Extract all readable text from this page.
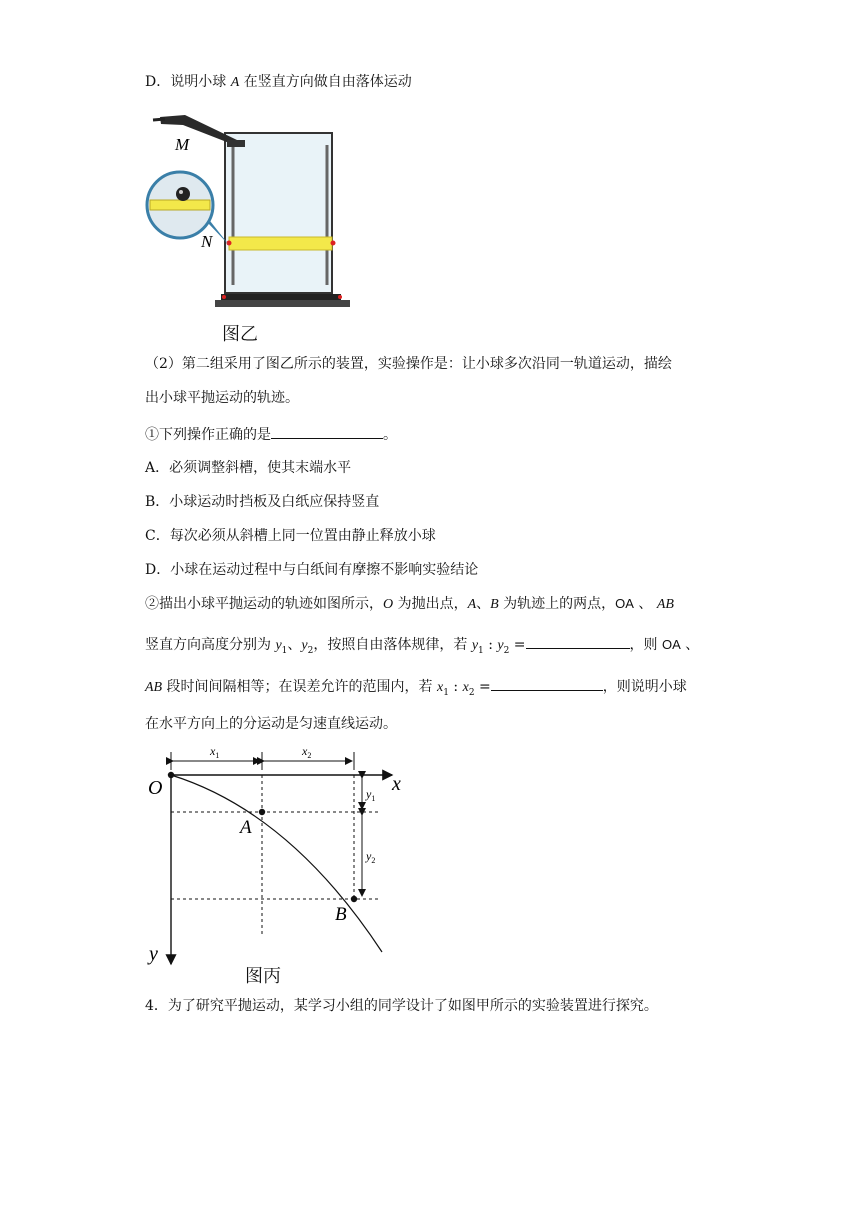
D．说明小球 A 在竖直方向做自由落体运动
M
N
图乙
（2）第二组采用了图乙所示的装置，实验操作是：让小球多次沿同一轨道运动，描绘
出小球平抛运动的轨迹。
①下列操作正确的是	。
A．必须调整斜槽，使其末端水平
B．小球运动时挡板及白纸应保持竖直
C．每次必须从斜槽上同一位置由静止释放小球
D．小球在运动过程中与白纸间有摩擦不影响实验结论
②描出小球平抛运动的轨迹如图所示，O 为抛出点，A、B 为轨迹上的两点，OA 、 AB
竖直方向高度分别为 $y_1$、$y_2$，按照自由落体规律，若 $y_1$ : $y_2$ =	，则 OA 、
AB 段时间间隔相等；在误差允许的范围内，若 $x_1$ : $x_2$ =	，则说明小球
在水平方向上的分运动是匀速直线运动。
O
A
B
x
y
$x_1$	$x_2$
$y_1$
$y_2$
图丙
4．为了研究平抛运动，某学习小组的同学设计了如图甲所示的实验装置进行探究。
